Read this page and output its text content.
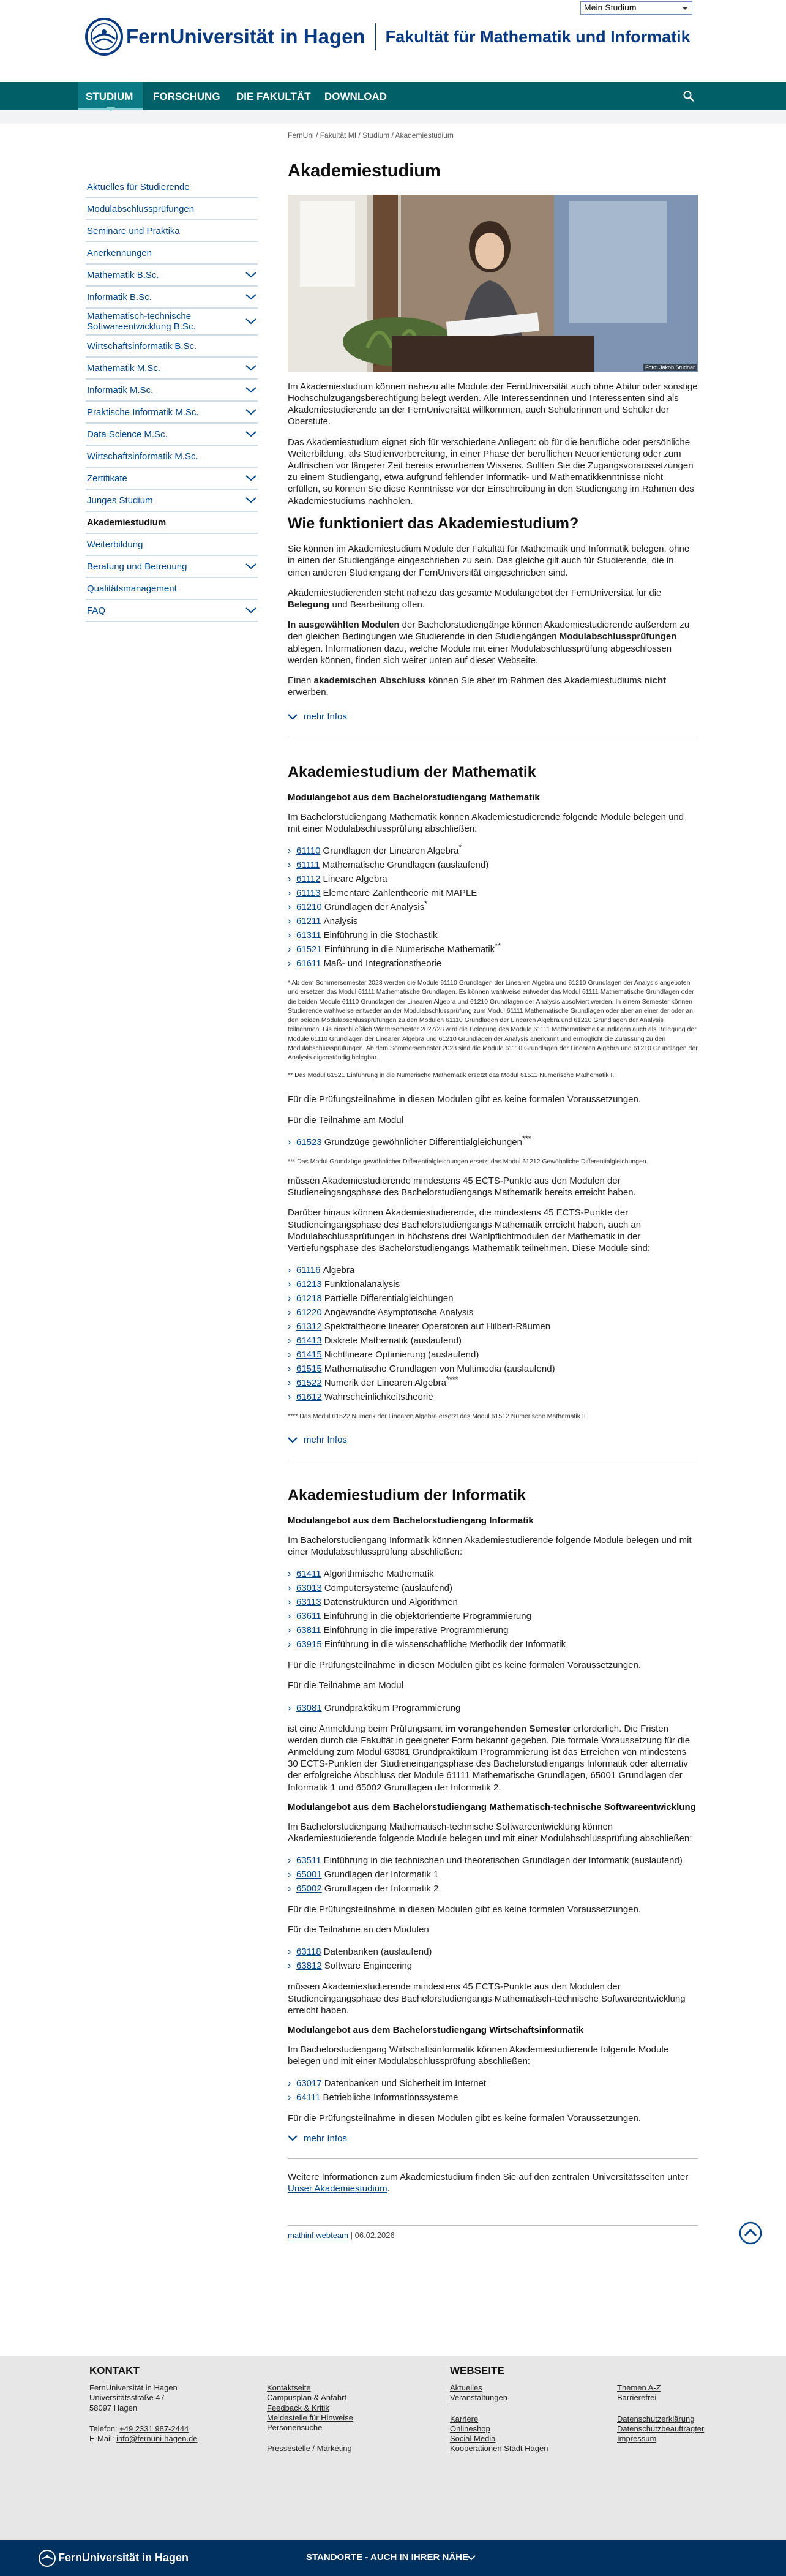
FernUniversität in Hagen Fakultät für Mathematik und Informatik
Mein Studium
STUDIUM FORSCHUNG DIE FAKULTÄT DOWNLOAD
FernUni / Fakultät MI / Studium / Akademiestudium
Aktuelles für Studierende
Modulabschlussprüfungen
Seminare und Praktika
Anerkennungen
Mathematik B.Sc.
Informatik B.Sc.
Mathematisch-technische Softwareentwicklung B.Sc.
Wirtschaftsinformatik B.Sc.
Mathematik M.Sc.
Informatik M.Sc.
Praktische Informatik M.Sc.
Data Science M.Sc.
Wirtschaftsinformatik M.Sc.
Zertifikate
Junges Studium
Akademiestudium
Weiterbildung
Beratung und Betreuung
Qualitätsmanagement
FAQ
Akademiestudium
Foto: Jakob Studnar

Im Akademiestudium können nahezu alle Module der FernUniversität auch ohne Abitur oder sonstige Hochschulzugangsberechtigung belegt werden. Alle Interessentinnen und Interessenten sind als Akademiestudierende an der FernUniversität willkommen, auch Schülerinnen und Schüler der Oberstufe.

Das Akademiestudium eignet sich für verschiedene Anliegen: ob für die berufliche oder persönliche Weiterbildung, als Studienvorbereitung, in einer Phase der beruflichen Neuorientierung oder zum Auffrischen vor längerer Zeit bereits erworbenen Wissens. Sollten Sie die Zugangsvoraussetzungen zu einem Studiengang, etwa aufgrund fehlender Informatik- und Mathematikkenntnisse nicht erfüllen, so können Sie diese Kenntnisse vor der Einschreibung in den Studiengang im Rahmen des Akademiestudiums nachholen.

Wie funktioniert das Akademiestudium?

Sie können im Akademiestudium Module der Fakultät für Mathematik und Informatik belegen, ohne in einen der Studiengänge eingeschrieben zu sein. Das gleiche gilt auch für Studierende, die in einen anderen Studiengang der FernUniversität eingeschrieben sind.

Akademiestudierenden steht nahezu das gesamte Modulangebot der FernUniversität für die Belegung und Bearbeitung offen.

In ausgewählten Modulen der Bachelorstudiengänge können Akademiestudierende außerdem zu den gleichen Bedingungen wie Studierende in den Studiengängen Modulabschlussprüfungen ablegen. Informationen dazu, welche Module mit einer Modulabschlussprüfung abgeschlossen werden können, finden sich weiter unten auf dieser Webseite.

Einen akademischen Abschluss können Sie aber im Rahmen des Akademiestudiums nicht erwerben.

mehr Infos
Akademiestudium der Mathematik
Modulangebot aus dem Bachelorstudiengang Mathematik

Im Bachelorstudiengang Mathematik können Akademiestudierende folgende Module belegen und mit einer Modulabschlussprüfung abschließen:

› 61110 Grundlagen der Linearen Algebra*
› 61111 Mathematische Grundlagen (auslaufend)
› 61112 Lineare Algebra
› 61113 Elementare Zahlentheorie mit MAPLE
› 61210 Grundlagen der Analysis*
› 61211 Analysis
› 61311 Einführung in die Stochastik
› 61521 Einführung in die Numerische Mathematik**
› 61611 Maß- und Integrationstheorie

* Ab dem Sommersemester 2028 werden die Module 61110 Grundlagen der Linearen Algebra und 61210 Grundlagen der Analysis angeboten und ersetzen das Modul 61111 Mathematische Grundlagen. Es können wahlweise entweder das Modul 61111 Mathematische Grundlagen oder die beiden Module 61110 Grundlagen der Linearen Algebra und 61210 Grundlagen der Analysis absolviert werden. In einem Semester können Studierende wahlweise entweder an der Modulabschlussprüfung zum Modul 61111 Mathematische Grundlagen oder aber an einer der oder an den beiden Modulabschlussprüfungen zu den Modulen 61110 Grundlagen der Linearen Algebra und 61210 Grundlagen der Analysis teilnehmen. Bis einschließlich Wintersemester 2027/28 wird die Belegung des Module 61111 Mathematische Grundlagen auch als Belegung der Module 61110 Grundlagen der Linearen Algebra und 61210 Grundlagen der Analysis anerkannt und ermöglicht die Zulassung zu den Modulabschlussprüfungen. Ab dem Sommersemester 2028 sind die Module 61110 Grundlagen der Linearen Algebra und 61210 Grundlagen der Analysis eigenständig belegbar.

** Das Modul 61521 Einführung in die Numerische Mathematik ersetzt das Modul 61511 Numerische Mathematik I.

Für die Prüfungsteilnahme in diesen Modulen gibt es keine formalen Voraussetzungen.

Für die Teilnahme am Modul

› 61523 Grundzüge gewöhnlicher Differentialgleichungen***

*** Das Modul Grundzüge gewöhnlicher Differentialgleichungen ersetzt das Modul 61212 Gewöhnliche Differentialgleichungen.

müssen Akademiestudierende mindestens 45 ECTS-Punkte aus den Modulen der Studieneingangsphase des Bachelorstudiengangs Mathematik bereits erreicht haben.

Darüber hinaus können Akademiestudierende, die mindestens 45 ECTS-Punkte der Studieneingangsphase des Bachelorstudiengangs Mathematik erreicht haben, auch an Modulabschlussprüfungen in höchstens drei Wahlpflichtmodulen der Mathematik in der Vertiefungsphase des Bachelorstudiengangs Mathematik teilnehmen. Diese Module sind:

› 61116 Algebra
› 61213 Funktionalanalysis
› 61218 Partielle Differentialgleichungen
› 61220 Angewandte Asymptotische Analysis
› 61312 Spektraltheorie linearer Operatoren auf Hilbert-Räumen
› 61413 Diskrete Mathematik (auslaufend)
› 61415 Nichtlineare Optimierung (auslaufend)
› 61515 Mathematische Grundlagen von Multimedia (auslaufend)
› 61522 Numerik der Linearen Algebra****
› 61612 Wahrscheinlichkeitstheorie

**** Das Modul 61522 Numerik der Linearen Algebra ersetzt das Modul 61512 Numerische Mathematik II

mehr Infos
Akademiestudium der Informatik
Modulangebot aus dem Bachelorstudiengang Informatik

Im Bachelorstudiengang Informatik können Akademiestudierende folgende Module belegen und mit einer Modulabschlussprüfung abschließen:

› 61411 Algorithmische Mathematik
› 63013 Computersysteme (auslaufend)
› 63113 Datenstrukturen und Algorithmen
› 63611 Einführung in die objektorientierte Programmierung
› 63811 Einführung in die imperative Programmierung
› 63915 Einführung in die wissenschaftliche Methodik der Informatik

Für die Prüfungsteilnahme in diesen Modulen gibt es keine formalen Voraussetzungen.

Für die Teilnahme am Modul

› 63081 Grundpraktikum Programmierung

ist eine Anmeldung beim Prüfungsamt im vorangehenden Semester erforderlich. Die Fristen werden durch die Fakultät in geeigneter Form bekannt gegeben. Die formale Voraussetzung für die Anmeldung zum Modul 63081 Grundpraktikum Programmierung ist das Erreichen von mindestens 30 ECTS-Punkten der Studieneingangsphase des Bachelorstudiengangs Informatik oder alternativ der erfolgreiche Abschluss der Module 61111 Mathematische Grundlagen, 65001 Grundlagen der Informatik 1 und 65002 Grundlagen der Informatik 2.

Modulangebot aus dem Bachelorstudiengang Mathematisch-technische Softwareentwicklung

Im Bachelorstudiengang Mathematisch-technische Softwareentwicklung können Akademiestudierende folgende Module belegen und mit einer Modulabschlussprüfung abschließen:

› 63511 Einführung in die technischen und theoretischen Grundlagen der Informatik (auslaufend)
› 65001 Grundlagen der Informatik 1
› 65002 Grundlagen der Informatik 2

Für die Prüfungsteilnahme in diesen Modulen gibt es keine formalen Voraussetzungen.

Für die Teilnahme an den Modulen

› 63118 Datenbanken (auslaufend)
› 63812 Software Engineering

müssen Akademiestudierende mindestens 45 ECTS-Punkte aus den Modulen der Studieneingangsphase des Bachelorstudiengangs Mathematisch-technische Softwareentwicklung erreicht haben.

Modulangebot aus dem Bachelorstudiengang Wirtschaftsinformatik

Im Bachelorstudiengang Wirtschaftsinformatik können Akademiestudierende folgende Module belegen und mit einer Modulabschlussprüfung abschließen:

› 63017 Datenbanken und Sicherheit im Internet
› 64111 Betriebliche Informationssysteme

Für die Prüfungsteilnahme in diesen Modulen gibt es keine formalen Voraussetzungen.

mehr Infos

Weitere Informationen zum Akademiestudium finden Sie auf den zentralen Universitätsseiten unter Unser Akademiestudium.

mathinf.webteam | 06.02.2026

KONTAKT
FernUniversität in Hagen
Universitätsstraße 47
58097 Hagen
Telefon: +49 2331 987-2444
E-Mail: info@fernuni-hagen.de
Kontaktseite
Campusplan & Anfahrt
Feedback & Kritik
Meldestelle für Hinweise
Personensuche
Pressestelle / Marketing
WEBSEITE
Aktuelles
Veranstaltungen
Karriere
Onlineshop
Social Media
Kooperationen Stadt Hagen
Themen A-Z
Barrierefrei
Datenschutzerklärung
Datenschutzbeauftragter
Impressum
FernUniversität in Hagen	STANDORTE - AUCH IN IHRER NÄHE
